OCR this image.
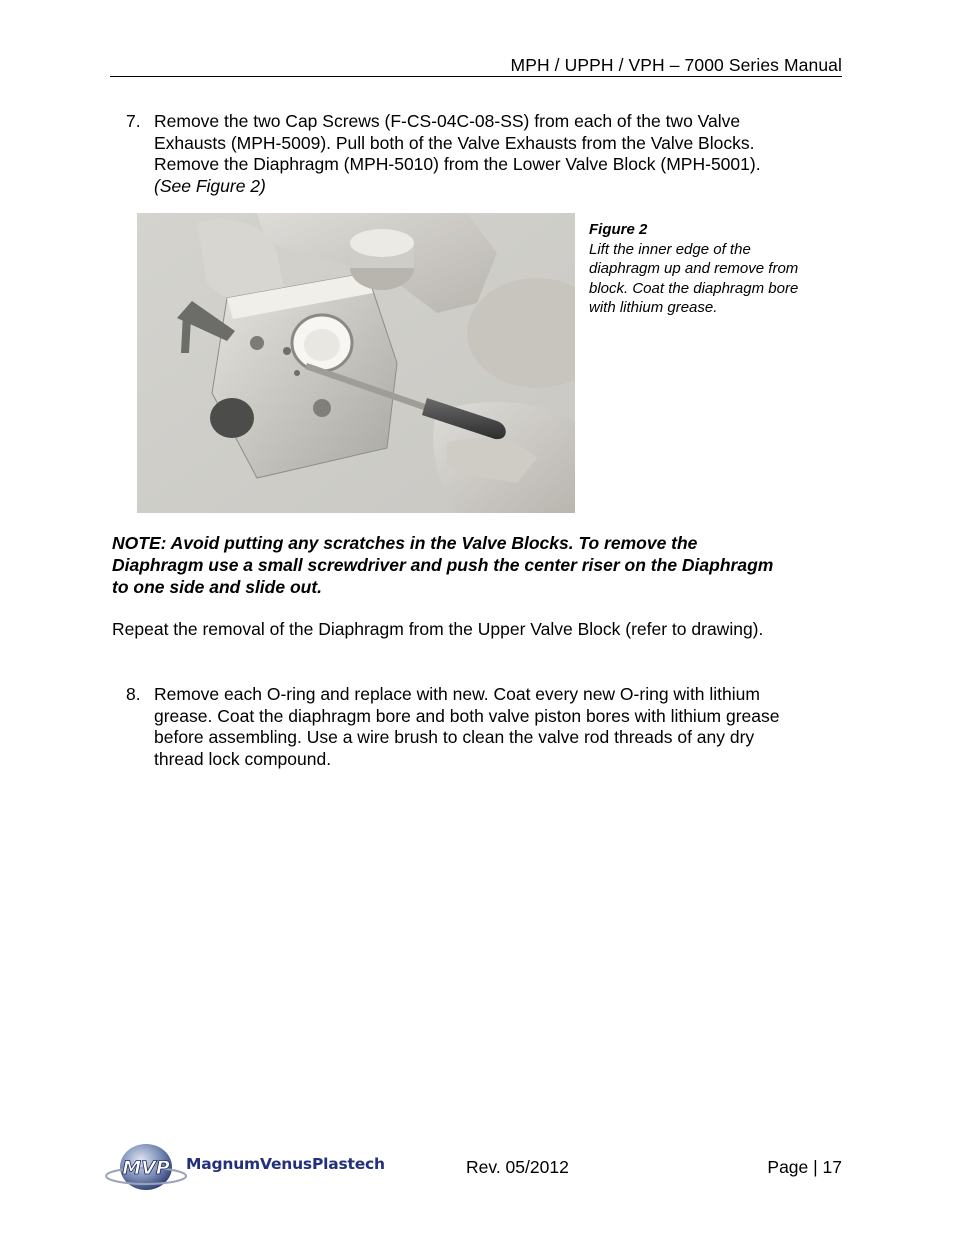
MPH / UPPH / VPH – 7000 Series Manual
7. Remove the two Cap Screws (F-CS-04C-08-SS) from each of the two Valve
Exhausts (MPH-5009). Pull both of the Valve Exhausts from the Valve Blocks.
Remove the Diaphragm (MPH-5010) from the Lower Valve Block (MPH-5001).
(See Figure 2)
Figure 2
Lift the inner edge of the
diaphragm up and remove from
block. Coat the diaphragm bore
with lithium grease.
NOTE: Avoid putting any scratches in the Valve Blocks. To remove the
Diaphragm use a small screwdriver and push the center riser on the Diaphragm
to one side and slide out.
Repeat the removal of the Diaphragm from the Upper Valve Block (refer to drawing).
8. Remove each O-ring and replace with new. Coat every new O-ring with lithium
grease. Coat the diaphragm bore and both valve piston bores with lithium grease
before assembling. Use a wire brush to clean the valve rod threads of any dry
thread lock compound.
MVP MagnumVenusPlastech	Rev. 05/2012	Page | 17
